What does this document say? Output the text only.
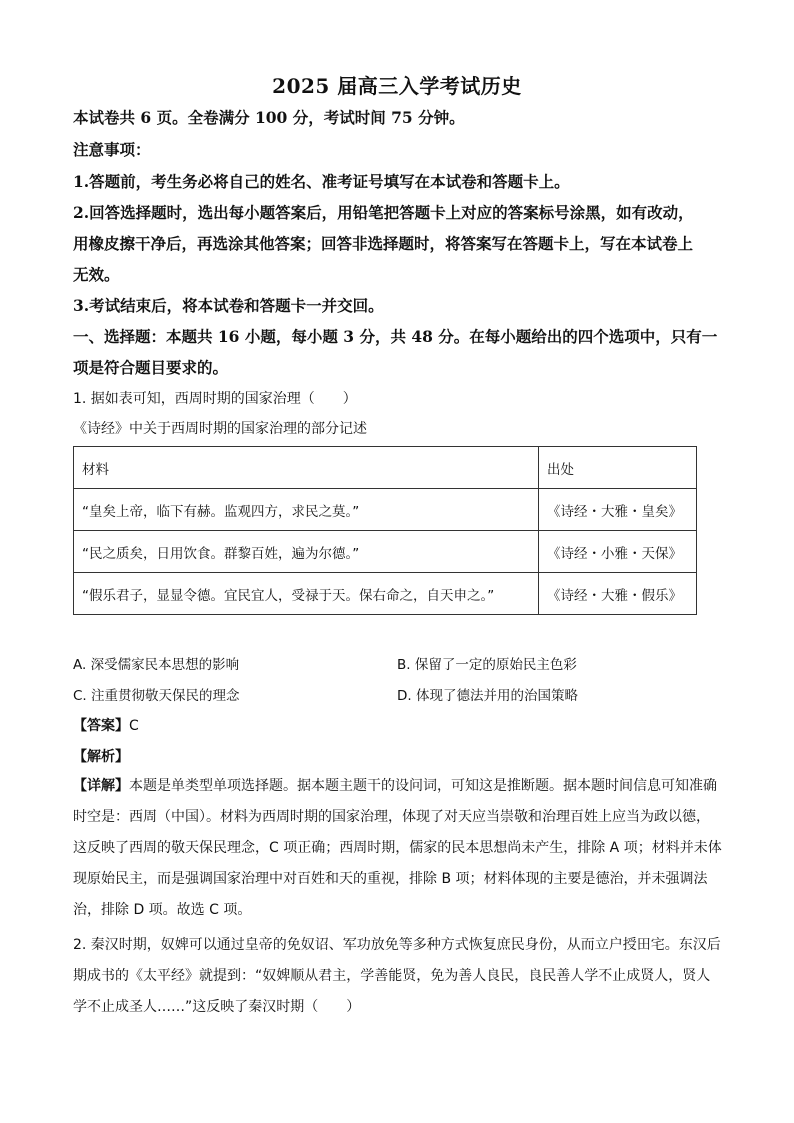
2025 届高三入学考试历史
本试卷共 6 页。全卷满分 100 分，考试时间 75 分钟。
注意事项：
1.答题前，考生务必将自己的姓名、准考证号填写在本试卷和答题卡上。
2.回答选择题时，选出每小题答案后，用铅笔把答题卡上对应的答案标号涂黑，如有改动，
用橡皮擦干净后，再选涂其他答案；回答非选择题时，将答案写在答题卡上，写在本试卷上
无效。
3.考试结束后，将本试卷和答题卡一并交回。
一、选择题：本题共 16 小题，每小题 3 分，共 48 分。在每小题给出的四个选项中，只有一
项是符合题目要求的。
1. 据如表可知，西周时期的国家治理（　　）
《诗经》中关于西周时期的国家治理的部分记述
材料	出处
“皇矣上帝，临下有赫。监观四方，求民之莫。”	《诗经・大雅・皇矣》
“民之质矣，日用饮食。群黎百姓，遍为尔德。”	《诗经・小雅・天保》
“假乐君子，显显令德。宜民宜人，受禄于天。保右命之，自天申之。”	《诗经・大雅・假乐》
A. 深受儒家民本思想的影响	B. 保留了一定的原始民主色彩
C. 注重贯彻敬天保民的理念	D. 体现了德法并用的治国策略
【答案】C
【解析】
【详解】本题是单类型单项选择题。据本题主题干的设问词，可知这是推断题。据本题时间信息可知准确
时空是：西周（中国）。材料为西周时期的国家治理，体现了对天应当崇敬和治理百姓上应当为政以德，
这反映了西周的敬天保民理念，C 项正确；西周时期，儒家的民本思想尚未产生，排除 A 项；材料并未体
现原始民主，而是强调国家治理中对百姓和天的重视，排除 B 项；材料体现的主要是德治，并未强调法
治，排除 D 项。故选 C 项。
2. 秦汉时期，奴婢可以通过皇帝的免奴诏、军功放免等多种方式恢复庶民身份，从而立户授田宅。东汉后
期成书的《太平经》就提到：“奴婢顺从君主，学善能贤，免为善人良民，良民善人学不止成贤人，贤人
学不止成圣人……”这反映了秦汉时期（　　）
